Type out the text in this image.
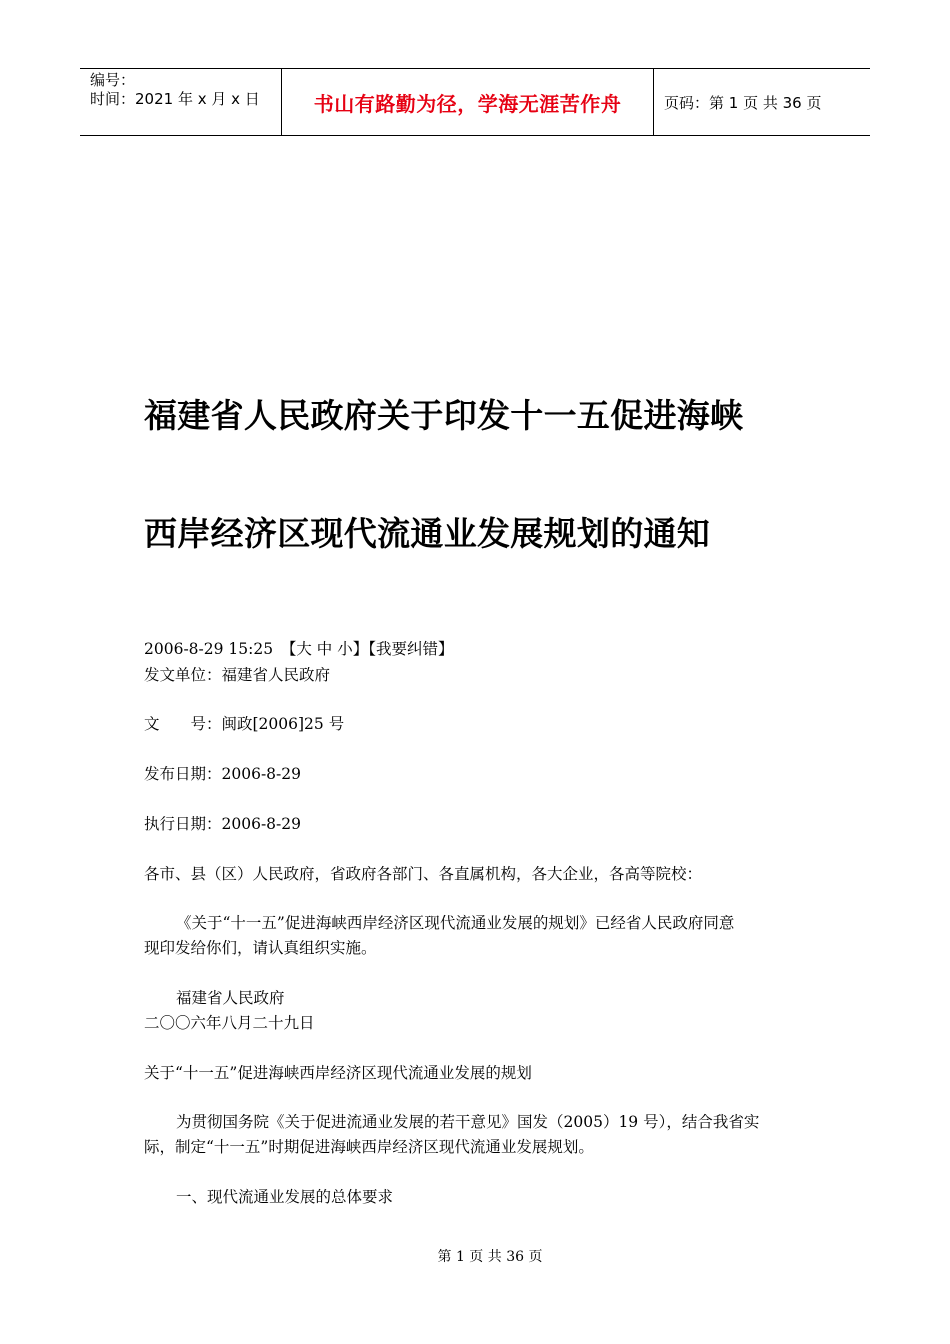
编号：
时间：2021 年 x 月 x 日	书山有路勤为径，学海无涯苦作舟	页码：第 1 页 共 36 页
福建省人民政府关于印发十一五促进海峡
西岸经济区现代流通业发展规划的通知
2006-8-29 15:25　【大 中 小】【我要纠错】
发文单位：福建省人民政府
文　　号：闽政[2006]25 号
发布日期：2006-8-29
执行日期：2006-8-29
各市、县（区）人民政府，省政府各部门、各直属机构，各大企业，各高等院校：
《关于“十一五”促进海峡西岸经济区现代流通业发展的规划》已经省人民政府同意
现印发给你们，请认真组织实施。
福建省人民政府
二〇〇六年八月二十九日
关于“十一五”促进海峡西岸经济区现代流通业发展的规划
为贯彻国务院《关于促进流通业发展的若干意见》国发（2005）19 号），结合我省实
际，制定“十一五”时期促进海峡西岸经济区现代流通业发展规划。
一、现代流通业发展的总体要求
第 1 页 共 36 页
